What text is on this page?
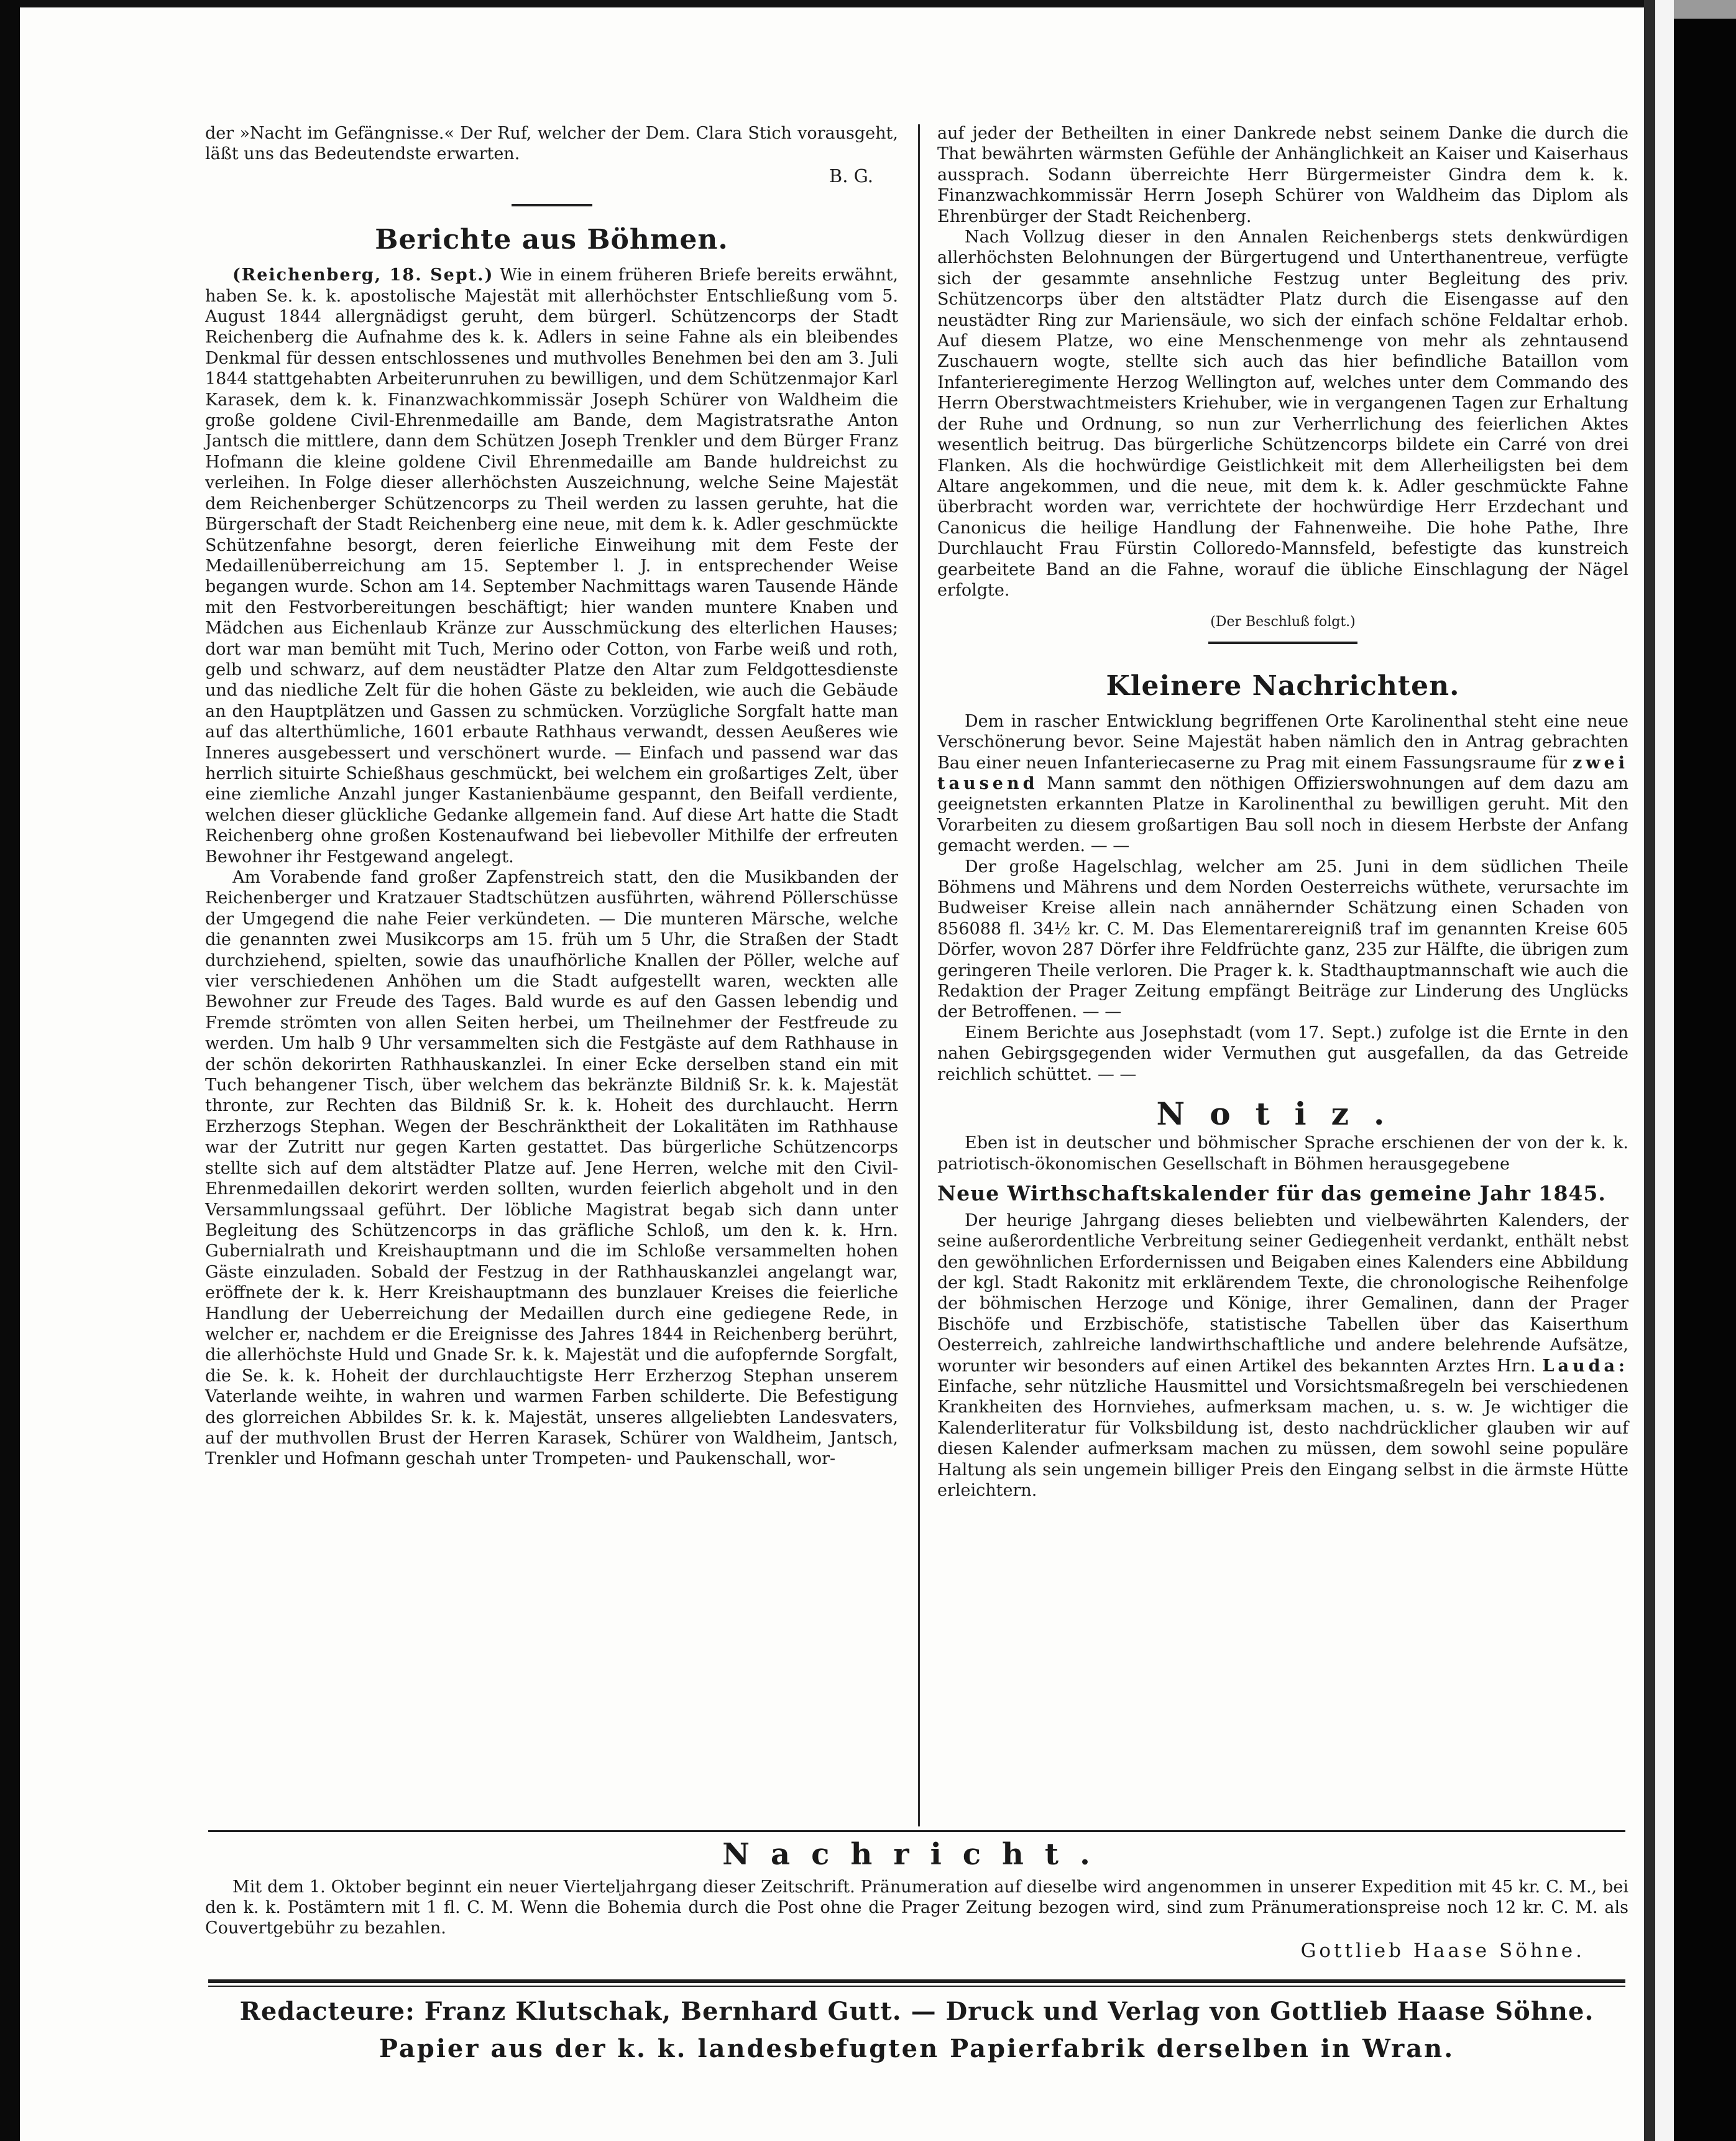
der »Nacht im Gefängnisse.« Der Ruf, welcher der Dem. Clara Stich vorausgeht, läßt uns das Bedeutendste erwarten.

B. G.

Berichte aus Böhmen.

(Reichenberg, 18. Sept.) Wie in einem früheren Briefe bereits erwähnt, haben Se. k. k. apostolische Majestät mit allerhöchster Entschließung vom 5. August 1844 allergnädigst geruht, dem bürgerl. Schützencorps der Stadt Reichenberg die Aufnahme des k. k. Adlers in seine Fahne als ein bleibendes Denkmal für dessen entschlossenes und muthvolles Benehmen bei den am 3. Juli 1844 stattgehabten Arbeiterunruhen zu bewilligen, und dem Schützenmajor Karl Karasek, dem k. k. Finanzwachkommissär Joseph Schürer von Waldheim die große goldene Civil-Ehrenmedaille am Bande, dem Magistratsrathe Anton Jantsch die mittlere, dann dem Schützen Joseph Trenkler und dem Bürger Franz Hofmann die kleine goldene Civil Ehrenmedaille am Bande huldreichst zu verleihen. In Folge dieser allerhöchsten Auszeichnung, welche Seine Majestät dem Reichenberger Schützencorps zu Theil werden zu lassen geruhte, hat die Bürgerschaft der Stadt Reichenberg eine neue, mit dem k. k. Adler geschmückte Schützenfahne besorgt, deren feierliche Einweihung mit dem Feste der Medaillenüberreichung am 15. September l. J. in entsprechender Weise begangen wurde. Schon am 14. September Nachmittags waren Tausende Hände mit den Festvorbereitungen beschäftigt; hier wanden muntere Knaben und Mädchen aus Eichenlaub Kränze zur Ausschmückung des elterlichen Hauses; dort war man bemüht mit Tuch, Merino oder Cotton, von Farbe weiß und roth, gelb und schwarz, auf dem neustädter Platze den Altar zum Feldgottesdienste und das niedliche Zelt für die hohen Gäste zu bekleiden, wie auch die Gebäude an den Hauptplätzen und Gassen zu schmücken. Vorzügliche Sorgfalt hatte man auf das alterthümliche, 1601 erbaute Rathhaus verwandt, dessen Aeußeres wie Inneres ausgebessert und verschönert wurde. — Einfach und passend war das herrlich situirte Schießhaus geschmückt, bei welchem ein großartiges Zelt, über eine ziemliche Anzahl junger Kastanienbäume gespannt, den Beifall verdiente, welchen dieser glückliche Gedanke allgemein fand. Auf diese Art hatte die Stadt Reichenberg ohne großen Kostenaufwand bei liebevoller Mithilfe der erfreuten Bewohner ihr Festgewand angelegt.

Am Vorabende fand großer Zapfenstreich statt, den die Musikbanden der Reichenberger und Kratzauer Stadtschützen ausführten, während Pöllerschüsse der Umgegend die nahe Feier verkündeten. — Die munteren Märsche, welche die genannten zwei Musikcorps am 15. früh um 5 Uhr, die Straßen der Stadt durchziehend, spielten, sowie das unaufhörliche Knallen der Pöller, welche auf vier verschiedenen Anhöhen um die Stadt aufgestellt waren, weckten alle Bewohner zur Freude des Tages. Bald wurde es auf den Gassen lebendig und Fremde strömten von allen Seiten herbei, um Theilnehmer der Festfreude zu werden. Um halb 9 Uhr versammelten sich die Festgäste auf dem Rathhause in der schön dekorirten Rathhauskanzlei. In einer Ecke derselben stand ein mit Tuch behangener Tisch, über welchem das bekränzte Bildniß Sr. k. k. Majestät thronte, zur Rechten das Bildniß Sr. k. k. Hoheit des durchlaucht. Herrn Erzherzogs Stephan. Wegen der Beschränktheit der Lokalitäten im Rathhause war der Zutritt nur gegen Karten gestattet. Das bürgerliche Schützencorps stellte sich auf dem altstädter Platze auf. Jene Herren, welche mit den Civil-Ehrenmedaillen dekorirt werden sollten, wurden feierlich abgeholt und in den Versammlungssaal geführt. Der löbliche Magistrat begab sich dann unter Begleitung des Schützencorps in das gräfliche Schloß, um den k. k. Hrn. Gubernialrath und Kreishauptmann und die im Schloße versammelten hohen Gäste einzuladen. Sobald der Festzug in der Rathhauskanzlei angelangt war, eröffnete der k. k. Herr Kreishauptmann des bunzlauer Kreises die feierliche Handlung der Ueberreichung der Medaillen durch eine gediegene Rede, in welcher er, nachdem er die Ereignisse des Jahres 1844 in Reichenberg berührt, die allerhöchste Huld und Gnade Sr. k. k. Majestät und die aufopfernde Sorgfalt, die Se. k. k. Hoheit der durchlauchtigste Herr Erzherzog Stephan unserem Vaterlande weihte, in wahren und warmen Farben schilderte. Die Befestigung des glorreichen Abbildes Sr. k. k. Majestät, unseres allgeliebten Landesvaters, auf der muthvollen Brust der Herren Karasek, Schürer von Waldheim, Jantsch, Trenkler und Hofmann geschah unter Trompeten- und Paukenschall, wor-

auf jeder der Betheilten in einer Dankrede nebst seinem Danke die durch die That bewährten wärmsten Gefühle der Anhänglichkeit an Kaiser und Kaiserhaus aussprach. Sodann überreichte Herr Bürgermeister Gindra dem k. k. Finanzwachkommissär Herrn Joseph Schürer von Waldheim das Diplom als Ehrenbürger der Stadt Reichenberg.

Nach Vollzug dieser in den Annalen Reichenbergs stets denkwürdigen allerhöchsten Belohnungen der Bürgertugend und Unterthanentreue, verfügte sich der gesammte ansehnliche Festzug unter Begleitung des priv. Schützencorps über den altstädter Platz durch die Eisengasse auf den neustädter Ring zur Mariensäule, wo sich der einfach schöne Feldaltar erhob. Auf diesem Platze, wo eine Menschenmenge von mehr als zehntausend Zuschauern wogte, stellte sich auch das hier befindliche Bataillon vom Infanterieregimente Herzog Wellington auf, welches unter dem Commando des Herrn Oberstwachtmeisters Kriehuber, wie in vergangenen Tagen zur Erhaltung der Ruhe und Ordnung, so nun zur Verherrlichung des feierlichen Aktes wesentlich beitrug. Das bürgerliche Schützencorps bildete ein Carré von drei Flanken. Als die hochwürdige Geistlichkeit mit dem Allerheiligsten bei dem Altare angekommen, und die neue, mit dem k. k. Adler geschmückte Fahne überbracht worden war, verrichtete der hochwürdige Herr Erzdechant und Canonicus die heilige Handlung der Fahnenweihe. Die hohe Pathe, Ihre Durchlaucht Frau Fürstin Colloredo-Mannsfeld, befestigte das kunstreich gearbeitete Band an die Fahne, worauf die übliche Einschlagung der Nägel erfolgte.

(Der Beschluß folgt.)

Kleinere Nachrichten.

Dem in rascher Entwicklung begriffenen Orte Karolinenthal steht eine neue Verschönerung bevor. Seine Majestät haben nämlich den in Antrag gebrachten Bau einer neuen Infanteriecaserne zu Prag mit einem Fassungsraume für zwei tausend Mann sammt den nöthigen Offizierswohnungen auf dem dazu am geeignetsten erkannten Platze in Karolinenthal zu bewilligen geruht. Mit den Vorarbeiten zu diesem großartigen Bau soll noch in diesem Herbste der Anfang gemacht werden. — —

Der große Hagelschlag, welcher am 25. Juni in dem südlichen Theile Böhmens und Mährens und dem Norden Oesterreichs wüthete, verursachte im Budweiser Kreise allein nach annähernder Schätzung einen Schaden von 856088 fl. 34½ kr. C. M. Das Elementarereigniß traf im genannten Kreise 605 Dörfer, wovon 287 Dörfer ihre Feldfrüchte ganz, 235 zur Hälfte, die übrigen zum geringeren Theile verloren. Die Prager k. k. Stadthauptmannschaft wie auch die Redaktion der Prager Zeitung empfängt Beiträge zur Linderung des Unglücks der Betroffenen. — —

Einem Berichte aus Josephstadt (vom 17. Sept.) zufolge ist die Ernte in den nahen Gebirgsgegenden wider Vermuthen gut ausgefallen, da das Getreide reichlich schüttet. — —

Notiz.

Eben ist in deutscher und böhmischer Sprache erschienen der von der k. k. patriotisch-ökonomischen Gesellschaft in Böhmen herausgegebene

Neue Wirthschaftskalender für das gemeine Jahr 1845.

Der heurige Jahrgang dieses beliebten und vielbewährten Kalenders, der seine außerordentliche Verbreitung seiner Gediegenheit verdankt, enthält nebst den gewöhnlichen Erfordernissen und Beigaben eines Kalenders eine Abbildung der kgl. Stadt Rakonitz mit erklärendem Texte, die chronologische Reihenfolge der böhmischen Herzoge und Könige, ihrer Gemalinen, dann der Prager Bischöfe und Erzbischöfe, statistische Tabellen über das Kaiserthum Oesterreich, zahlreiche landwirthschaftliche und andere belehrende Aufsätze, worunter wir besonders auf einen Artikel des bekannten Arztes Hrn. Lauda: Einfache, sehr nützliche Hausmittel und Vorsichtsmaßregeln bei verschiedenen Krankheiten des Hornviehes, aufmerksam machen, u. s. w. Je wichtiger die Kalenderliteratur für Volksbildung ist, desto nachdrücklicher glauben wir auf diesen Kalender aufmerksam machen zu müssen, dem sowohl seine populäre Haltung als sein ungemein billiger Preis den Eingang selbst in die ärmste Hütte erleichtern.

Nachricht.

Mit dem 1. Oktober beginnt ein neuer Vierteljahrgang dieser Zeitschrift. Pränumeration auf dieselbe wird angenommen in unserer Expedition mit 45 kr. C. M., bei den k. k. Postämtern mit 1 fl. C. M. Wenn die Bohemia durch die Post ohne die Prager Zeitung bezogen wird, sind zum Pränumerationspreise noch 12 kr. C. M. als Couvertgebühr zu bezahlen.

Gottlieb Haase Söhne.

Redacteure: Franz Klutschak, Bernhard Gutt. — Druck und Verlag von Gottlieb Haase Söhne.

Papier aus der k. k. landesbefugten Papierfabrik derselben in Wran.
